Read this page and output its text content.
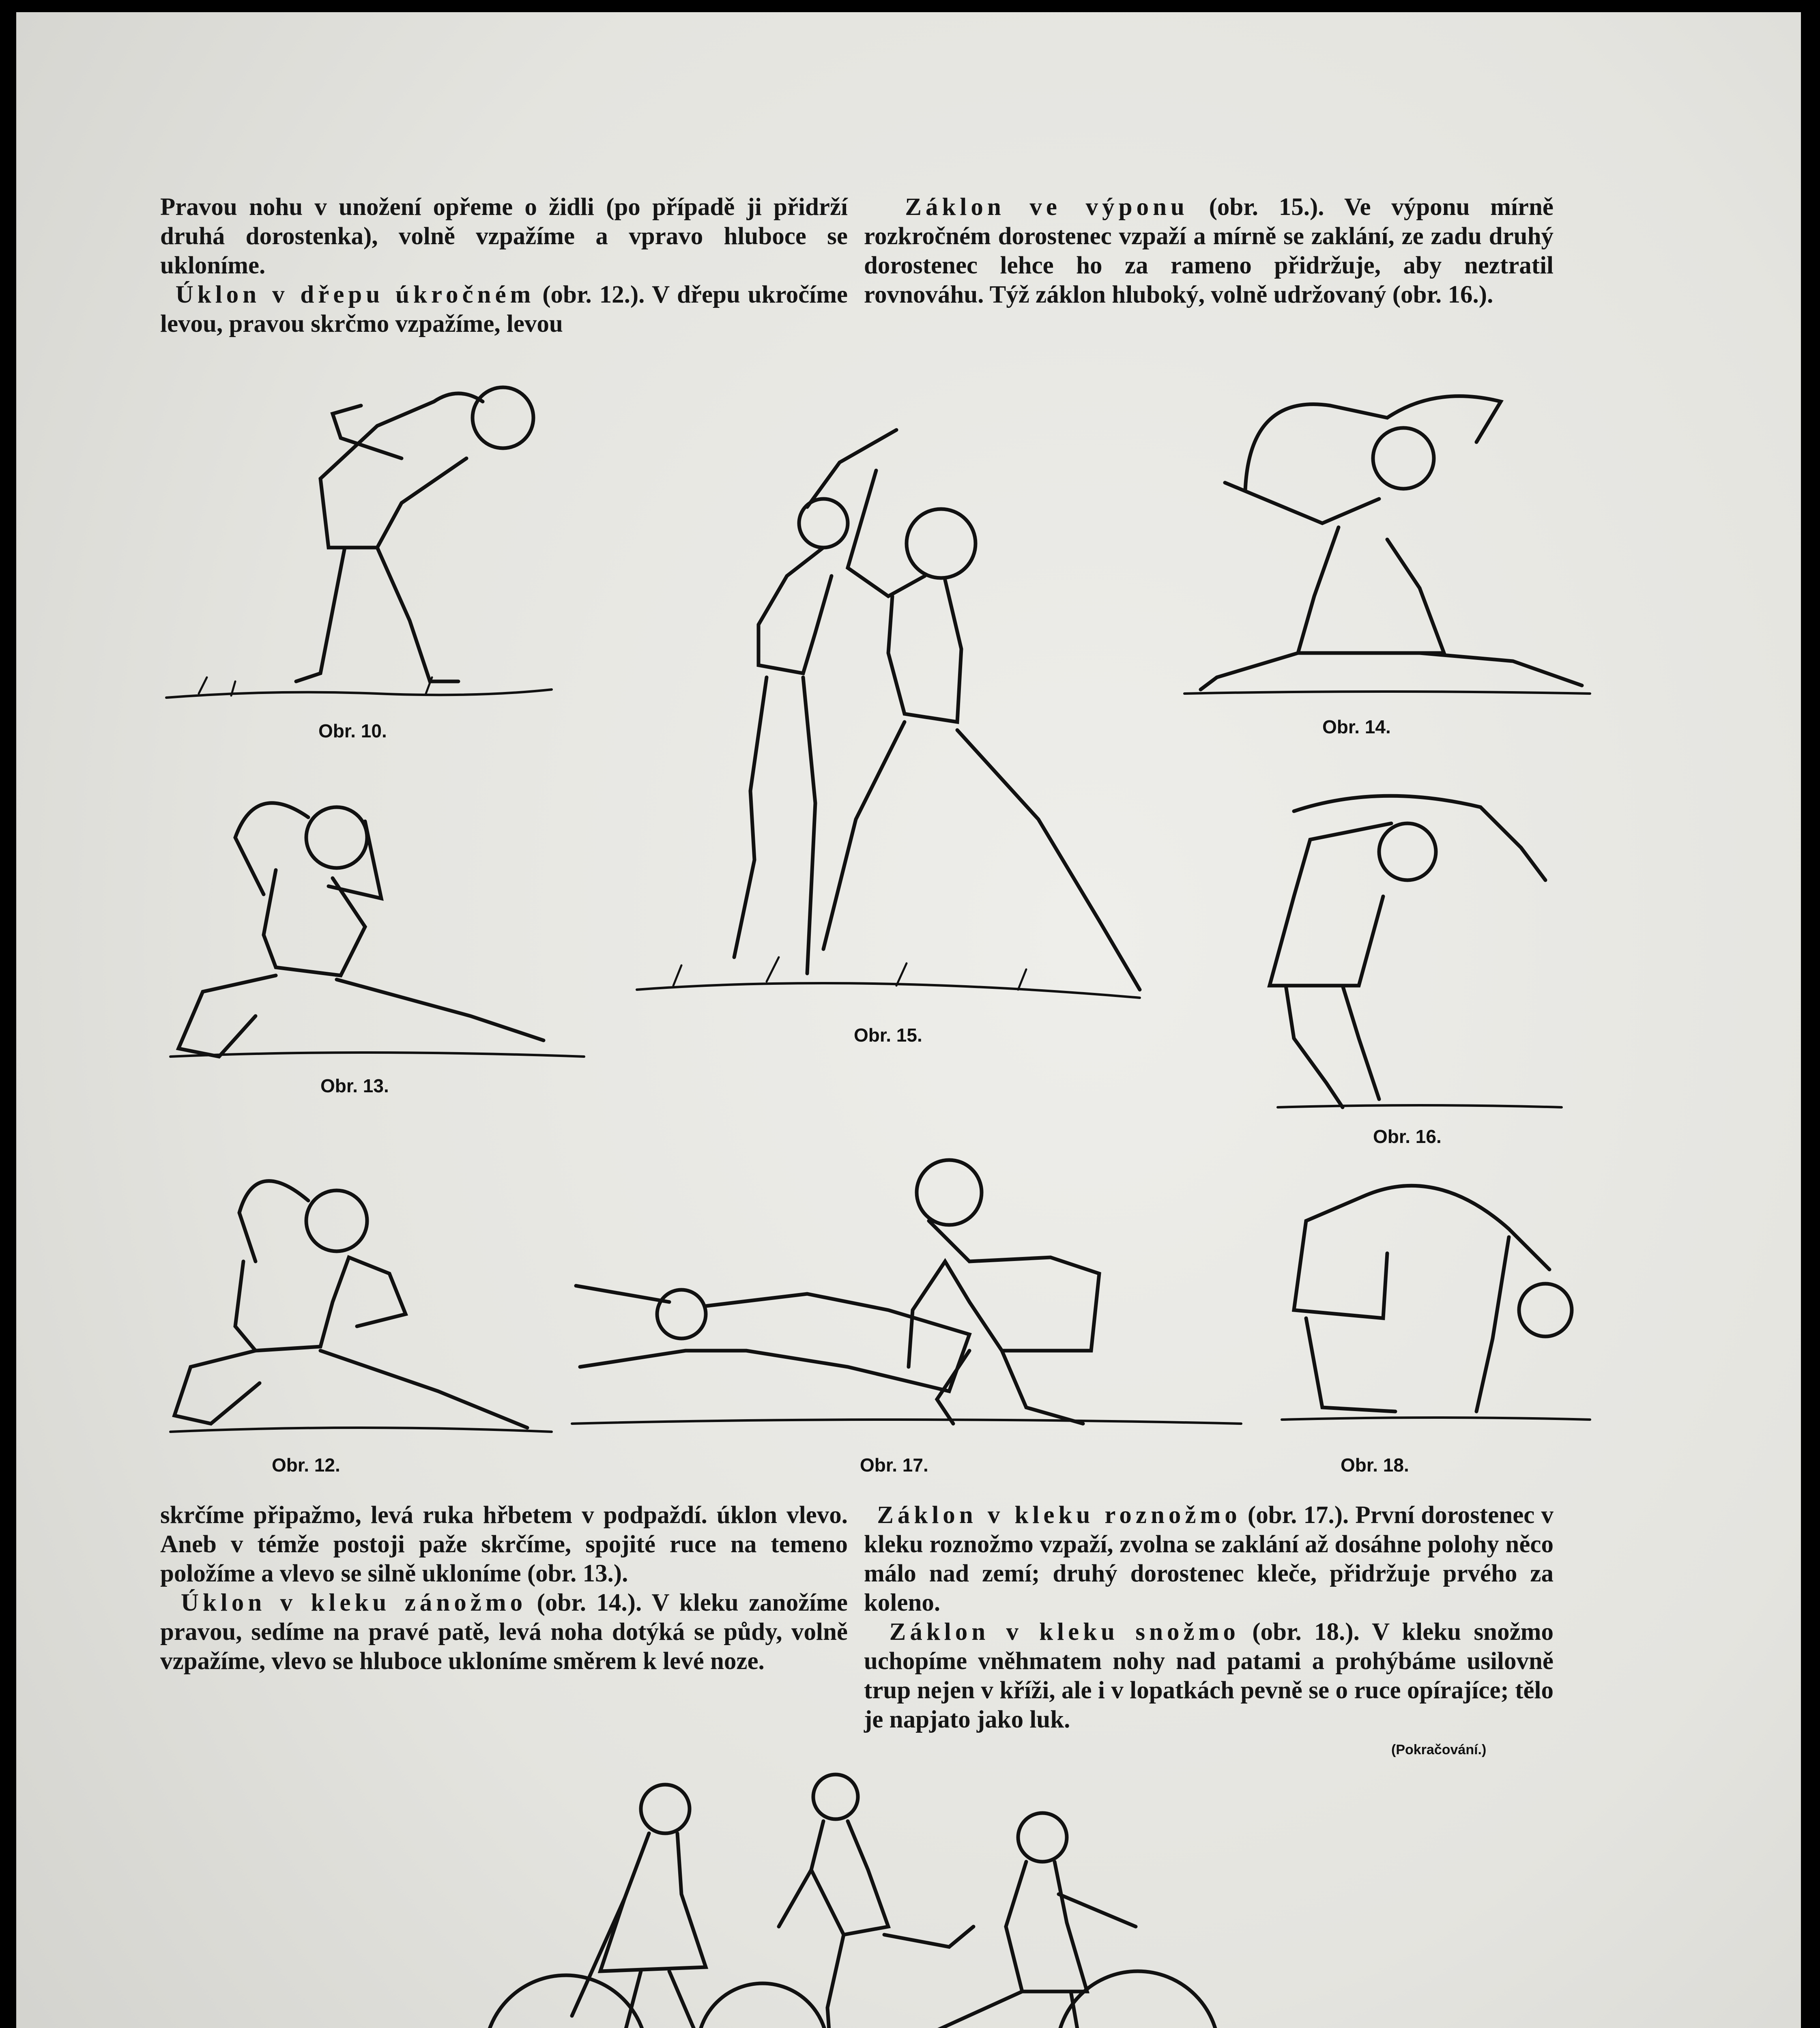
Pravou nohu v unožení opřeme o židli (po případě ji přidrží druhá dorostenka), volně vzpažíme a vpravo hluboce se ukloníme.

Úklon v dřepu úkročném (obr. 12.). V dřepu ukročíme levou, pravou skrčmo vzpažíme, levou

Záklon ve výponu (obr. 15.). Ve výponu mírně rozkročném dorostenec vzpaží a mírně se zaklání, ze zadu druhý dorostenec lehce ho za rameno přidržuje, aby neztratil rovnováhu. Týž záklon hluboký, volně udržovaný (obr. 16.).

Obr. 10.
Obr. 15.
Obr. 14.
Obr. 13.
Obr. 16.
Obr. 12.	Obr. 17.	Obr. 18.

skrčíme připažmo, levá ruka hřbetem v podpaždí. úklon vlevo. Aneb v témže postoji paže skrčíme, spojité ruce na temeno položíme a vlevo se silně ukloníme (obr. 13.).

Úklon v kleku zánožmo (obr. 14.). V kleku zanožíme pravou, sedíme na pravé patě, levá noha dotýká se půdy, volně vzpažíme, vlevo se hluboce ukloníme směrem k levé noze.

Záklon v kleku roznožmo (obr. 17.). První dorostenec v kleku roznožmo vzpaží, zvolna se zaklání až dosáhne polohy něco málo nad zemí; druhý dorostenec klečе, přidržuje prvého za koleno.

Záklon v kleku snožmo (obr. 18.). V kleku snožmo uchopíme vněhmatem nohy nad patami a prohýbáme usilovně trup nejen v kříži, ale i v lopatkách pevně se o ruce opírajíce; tělo je napjato jako luk.

(Pokračování.)
